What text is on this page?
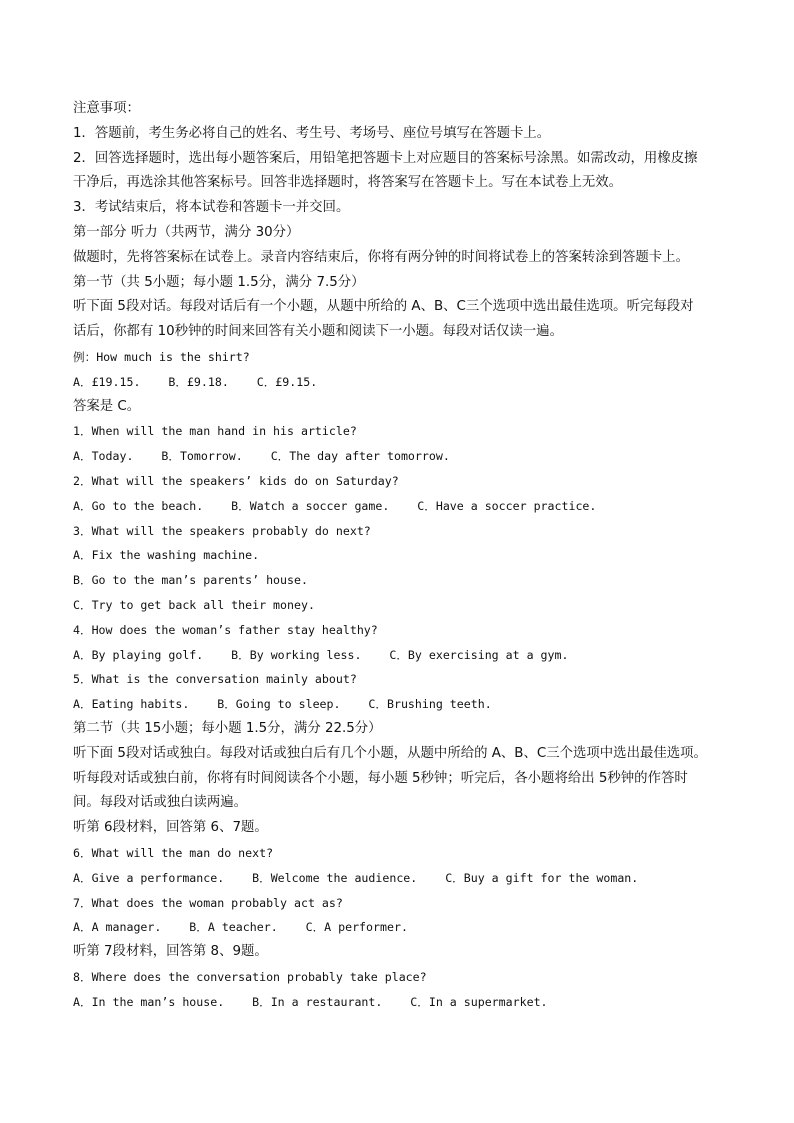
注意事项：
1．答题前，考生务必将自己的姓名、考生号、考场号、座位号填写在答题卡上。
2．回答选择题时，选出每小题答案后，用铅笔把答题卡上对应题目的答案标号涂黑。如需改动，用橡皮擦
干净后，再选涂其他答案标号。回答非选择题时，将答案写在答题卡上。写在本试卷上无效。
3．考试结束后，将本试卷和答题卡一并交回。
第一部分 听力（共两节，满分 30分）
做题时，先将答案标在试卷上。录音内容结束后，你将有两分钟的时间将试卷上的答案转涂到答题卡上。
第一节（共 5小题；每小题 1.5分，满分 7.5分）
听下面 5段对话。每段对话后有一个小题，从题中所给的 A、B、C三个选项中选出最佳选项。听完每段对
话后，你都有 10秒钟的时间来回答有关小题和阅读下一小题。每段对话仅读一遍。
例：How much is the shirt?
A．£19.15.    B．£9.18.    C．£9.15.
答案是 C。
1．When will the man hand in his article?
A．Today.    B．Tomorrow.    C．The day after tomorrow.
2．What will the speakers’ kids do on Saturday?
A．Go to the beach.    B．Watch a soccer game.    C．Have a soccer practice.
3．What will the speakers probably do next?
A．Fix the washing machine.
B．Go to the man’s parents’ house.
C．Try to get back all their money.
4．How does the woman’s father stay healthy?
A．By playing golf.    B．By working less.    C．By exercising at a gym.
5．What is the conversation mainly about?
A．Eating habits.    B．Going to sleep.    C．Brushing teeth.
第二节（共 15小题；每小题 1.5分，满分 22.5分）
听下面 5段对话或独白。每段对话或独白后有几个小题，从题中所给的 A、B、C三个选项中选出最佳选项。
听每段对话或独白前，你将有时间阅读各个小题，每小题 5秒钟；听完后，各小题将给出 5秒钟的作答时
间。每段对话或独白读两遍。
听第 6段材料，回答第 6、7题。
6．What will the man do next?
A．Give a performance.    B．Welcome the audience.    C．Buy a gift for the woman.
7．What does the woman probably act as?
A．A manager.    B．A teacher.    C．A performer.
听第 7段材料，回答第 8、9题。
8．Where does the conversation probably take place?
A．In the man’s house.    B．In a restaurant.    C．In a supermarket.
